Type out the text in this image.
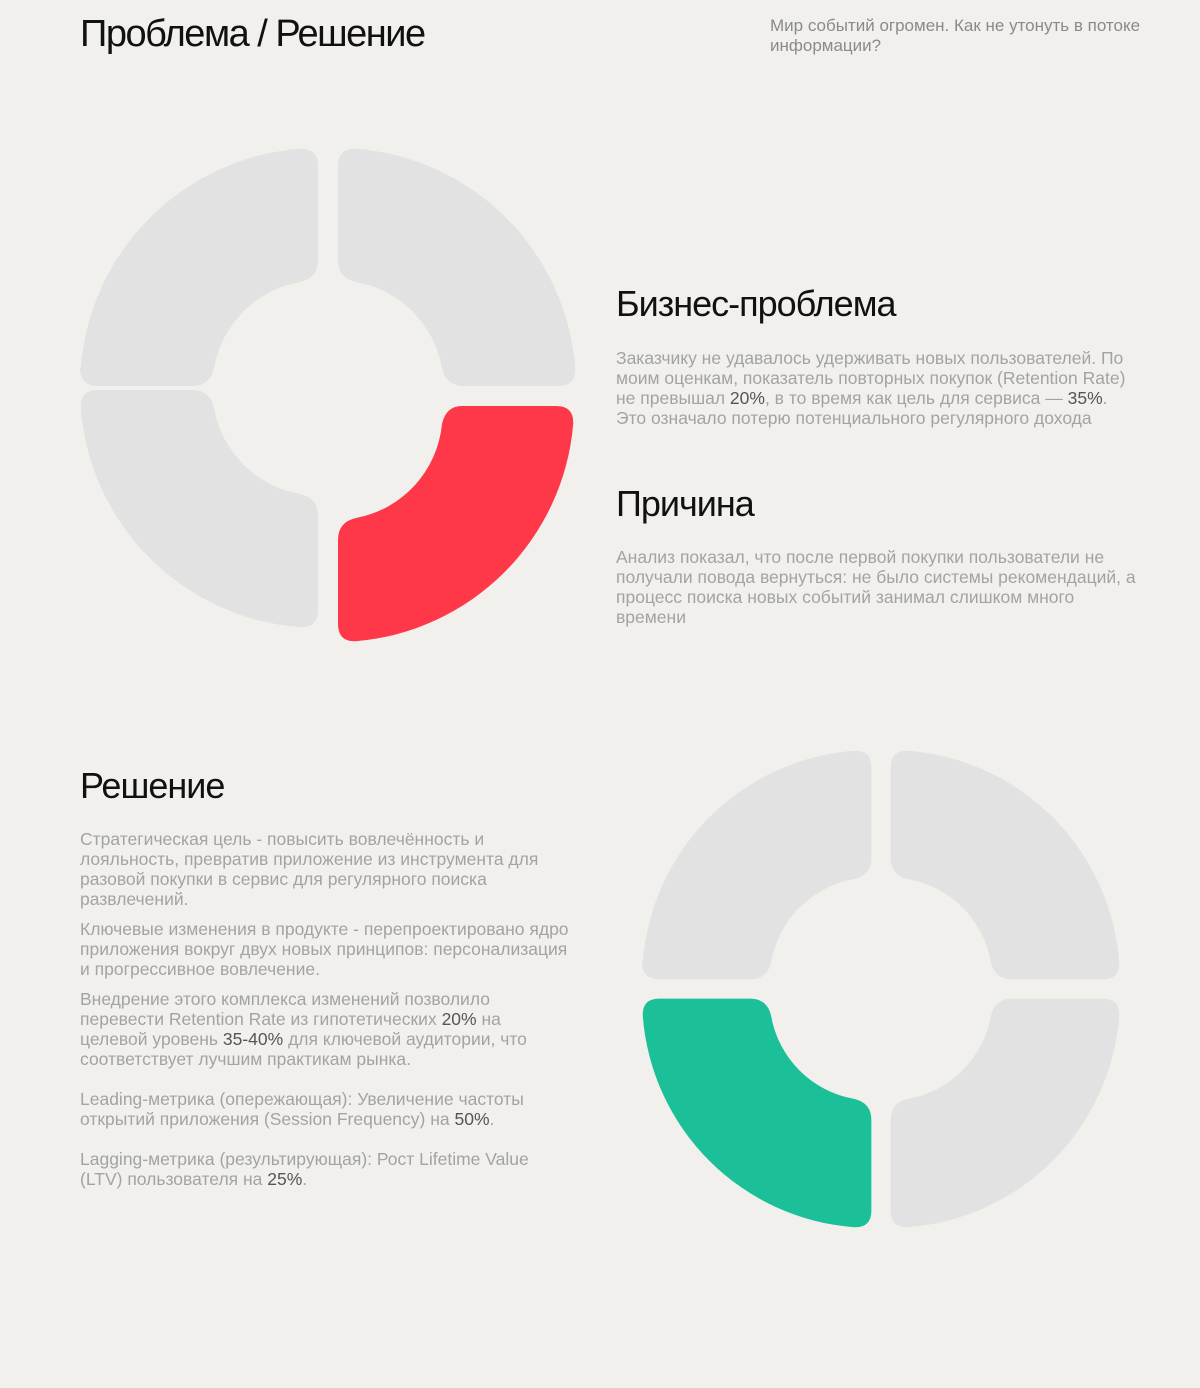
Проблема / Решение	Мир событий огромен. Как не утонуть в потоке информации?

Бизнес-проблема

Заказчику не удавалось удерживать новых пользователей. По моим оценкам, показатель повторных покупок (Retention Rate) не превышал 20%, в то время как цель для сервиса — 35%. Это означало потерю потенциального регулярного дохода

Причина

Анализ показал, что после первой покупки пользователи не получали повода вернуться: не было системы рекомендаций, а процесс поиска новых событий занимал слишком много времени

Решение

Стратегическая цель - повысить вовлечённость и лояльность, превратив приложение из инструмента для разовой покупки в сервис для регулярного поиска развлечений.

Ключевые изменения в продукте - перепроектировано ядро приложения вокруг двух новых принципов: персонализация и прогрессивное вовлечение.

Внедрение этого комплекса изменений позволило перевести Retention Rate из гипотетических 20% на целевой уровень 35-40% для ключевой аудитории, что соответствует лучшим практикам рынка.

Leading-метрика (опережающая): Увеличение частоты открытий приложения (Session Frequency) на 50%.

Lagging-метрика (результирующая): Рост Lifetime Value (LTV) пользователя на 25%.
